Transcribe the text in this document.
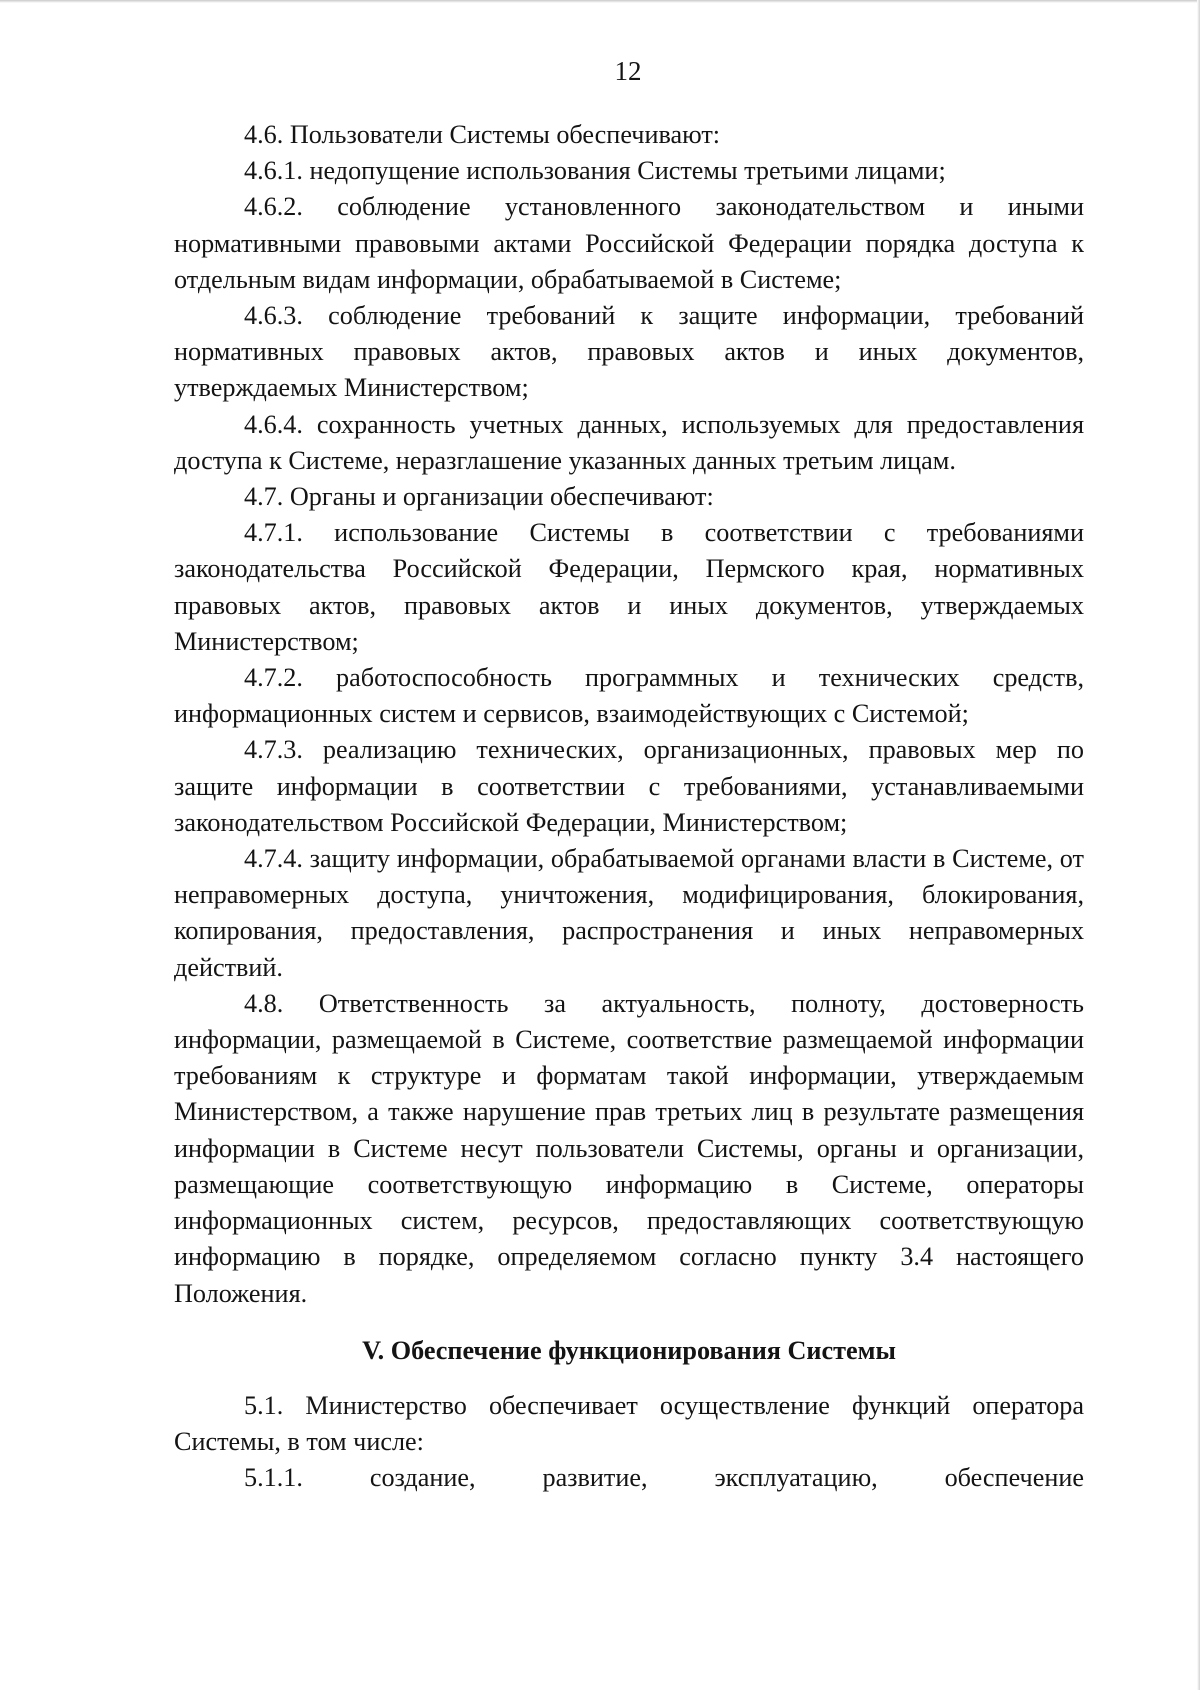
12

4.6. Пользователи Системы обеспечивают:

4.6.1. недопущение использования Системы третьими лицами;

4.6.2. соблюдение установленного законодательством и иными нормативными правовыми актами Российской Федерации порядка доступа к отдельным видам информации, обрабатываемой в Системе;

4.6.3. соблюдение требований к защите информации, требований нормативных правовых актов, правовых актов и иных документов, утверждаемых Министерством;

4.6.4. сохранность учетных данных, используемых для предоставления доступа к Системе, неразглашение указанных данных третьим лицам.

4.7. Органы и организации обеспечивают:

4.7.1. использование Системы в соответствии с требованиями законодательства Российской Федерации, Пермского края, нормативных правовых актов, правовых актов и иных документов, утверждаемых Министерством;

4.7.2. работоспособность программных и технических средств, информационных систем и сервисов, взаимодействующих с Системой;

4.7.3. реализацию технических, организационных, правовых мер по защите информации в соответствии с требованиями, устанавливаемыми законодательством Российской Федерации, Министерством;

4.7.4. защиту информации, обрабатываемой органами власти в Системе, от неправомерных доступа, уничтожения, модифицирования, блокирования, копирования, предоставления, распространения и иных неправомерных действий.

4.8. Ответственность за актуальность, полноту, достоверность информации, размещаемой в Системе, соответствие размещаемой информации требованиям к структуре и форматам такой информации, утверждаемым Министерством, а также нарушение прав третьих лиц в результате размещения информации в Системе несут пользователи Системы, органы и организации, размещающие соответствующую информацию в Системе, операторы информационных систем, ресурсов, предоставляющих соответствующую информацию в порядке, определяемом согласно пункту 3.4 настоящего Положения.

V. Обеспечение функционирования Системы

5.1. Министерство обеспечивает осуществление функций оператора Системы, в том числе:

5.1.1. создание, развитие, эксплуатацию, обеспечение
